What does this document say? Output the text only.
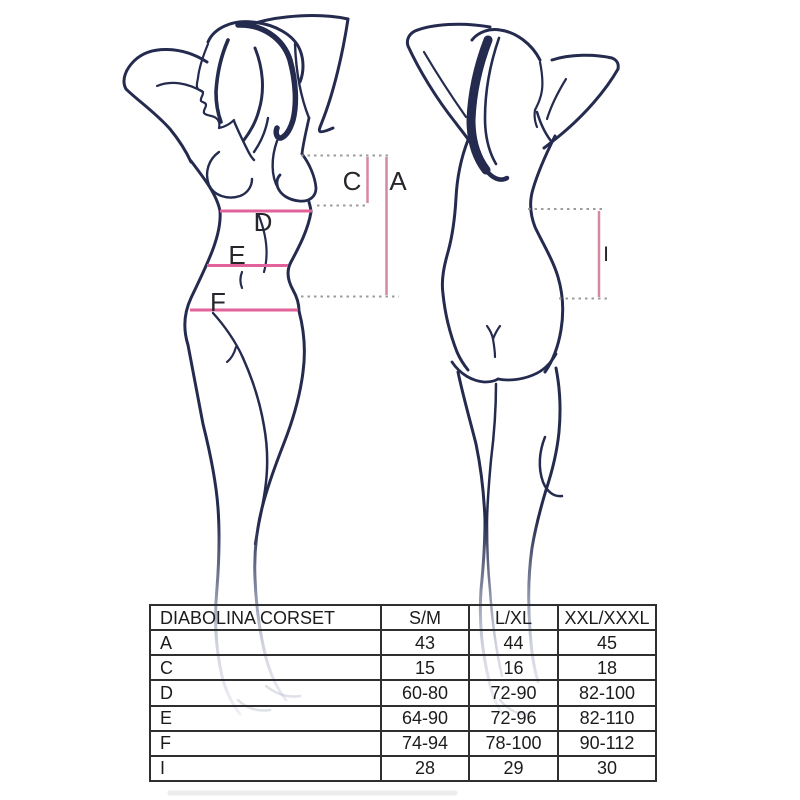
C A
D
E
F
I
DIABOLINA CORSET	S/M	L/XL	XXL/XXXL
A	43	44	45
C	15	16	18
D	60-80	72-90	82-100
E	64-90	72-96	82-110
F	74-94	78-100	90-112
I	28	29	30
